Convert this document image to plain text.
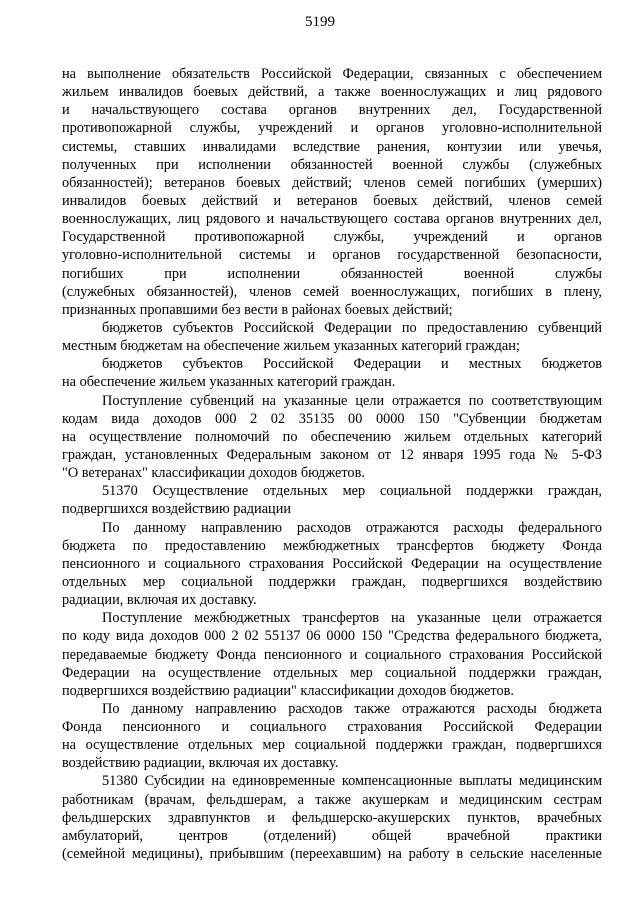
5199
на выполнение обязательств Российской Федерации, связанных с обеспечением
жильем инвалидов боевых действий, а также военнослужащих и лиц рядового
и начальствующего состава органов внутренних дел, Государственной
противопожарной службы, учреждений и органов уголовно-исполнительной
системы, ставших инвалидами вследствие ранения, контузии или увечья,
полученных при исполнении обязанностей военной службы (служебных
обязанностей); ветеранов боевых действий; членов семей погибших (умерших)
инвалидов боевых действий и ветеранов боевых действий, членов семей
военнослужащих, лиц рядового и начальствующего состава органов внутренних дел,
Государственной противопожарной службы, учреждений и органов
уголовно-исполнительной системы и органов государственной безопасности,
погибших при исполнении обязанностей военной службы
(служебных обязанностей), членов семей военнослужащих, погибших в плену,
признанных пропавшими без вести в районах боевых действий;
бюджетов субъектов Российской Федерации по предоставлению субвенций
местным бюджетам на обеспечение жильем указанных категорий граждан;
бюджетов субъектов Российской Федерации и местных бюджетов
на обеспечение жильем указанных категорий граждан.
Поступление субвенций на указанные цели отражается по соответствующим
кодам вида доходов 000 2 02 35135 00 0000 150 "Субвенции бюджетам
на осуществление полномочий по обеспечению жильем отдельных категорий
граждан, установленных Федеральным законом от 12 января 1995 года № 5-ФЗ
"О ветеранах" классификации доходов бюджетов.
51370 Осуществление отдельных мер социальной поддержки граждан,
подвергшихся воздействию радиации
По данному направлению расходов отражаются расходы федерального
бюджета по предоставлению межбюджетных трансфертов бюджету Фонда
пенсионного и социального страхования Российской Федерации на осуществление
отдельных мер социальной поддержки граждан, подвергшихся воздействию
радиации, включая их доставку.
Поступление межбюджетных трансфертов на указанные цели отражается
по коду вида доходов 000 2 02 55137 06 0000 150 "Средства федерального бюджета,
передаваемые бюджету Фонда пенсионного и социального страхования Российской
Федерации на осуществление отдельных мер социальной поддержки граждан,
подвергшихся воздействию радиации" классификации доходов бюджетов.
По данному направлению расходов также отражаются расходы бюджета
Фонда пенсионного и социального страхования Российской Федерации
на осуществление отдельных мер социальной поддержки граждан, подвергшихся
воздействию радиации, включая их доставку.
51380 Субсидии на единовременные компенсационные выплаты медицинским
работникам (врачам, фельдшерам, а также акушеркам и медицинским сестрам
фельдшерских здравпунктов и фельдшерско-акушерских пунктов, врачебных
амбулаторий, центров (отделений) общей врачебной практики
(семейной медицины), прибывшим (переехавшим) на работу в сельские населенные
